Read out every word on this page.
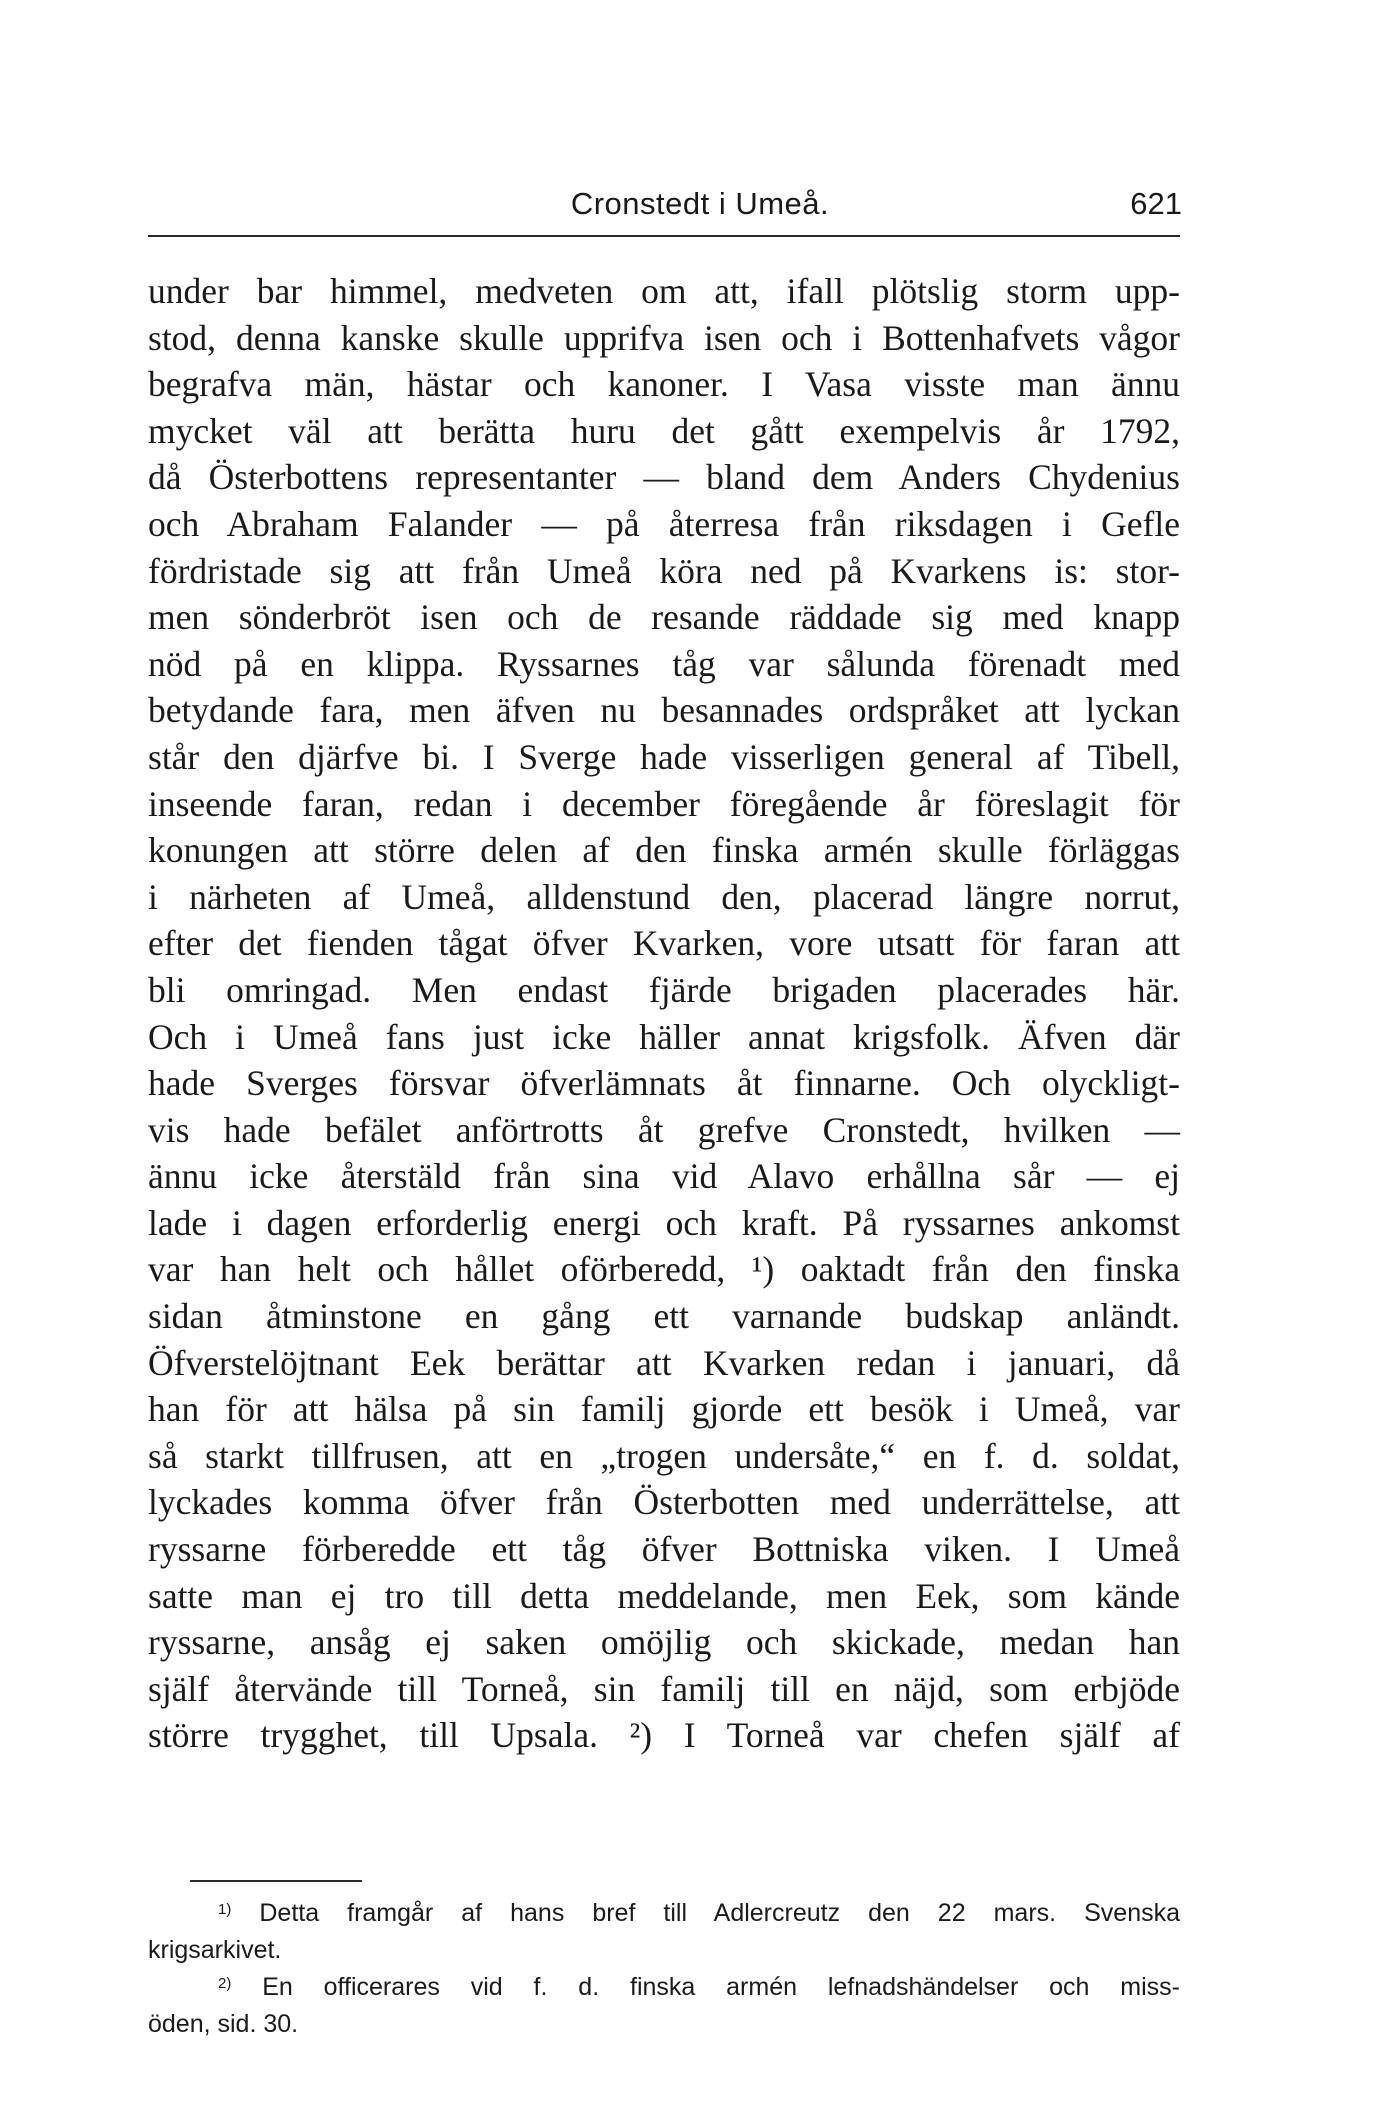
Cronstedt i Umeå.	621
under bar himmel, medveten om att, ifall plötslig storm upp-
stod, denna kanske skulle upprifva isen och i Bottenhafvets vågor
begrafva män, hästar och kanoner. I Vasa visste man ännu
mycket väl att berätta huru det gått exempelvis år 1792,
då Österbottens representanter — bland dem Anders Chydenius
och Abraham Falander — på återresa från riksdagen i Gefle
fördristade sig att från Umeå köra ned på Kvarkens is: stor-
men sönderbröt isen och de resande räddade sig med knapp
nöd på en klippa. Ryssarnes tåg var sålunda förenadt med
betydande fara, men äfven nu besannades ordspråket att lyckan
står den djärfve bi. I Sverge hade visserligen general af Tibell,
inseende faran, redan i december föregående år föreslagit för
konungen att större delen af den finska armén skulle förläggas
i närheten af Umeå, alldenstund den, placerad längre norrut,
efter det fienden tågat öfver Kvarken, vore utsatt för faran att
bli omringad. Men endast fjärde brigaden placerades här.
Och i Umeå fans just icke häller annat krigsfolk. Äfven där
hade Sverges försvar öfverlämnats åt finnarne. Och olyckligt-
vis hade befälet anförtrotts åt grefve Cronstedt, hvilken —
ännu icke återstäld från sina vid Alavo erhållna sår — ej
lade i dagen erforderlig energi och kraft. På ryssarnes ankomst
var han helt och hållet oförberedd, ¹) oaktadt från den finska
sidan åtminstone en gång ett varnande budskap anländt.
Öfverstelöjtnant Eek berättar att Kvarken redan i januari, då
han för att hälsa på sin familj gjorde ett besök i Umeå, var
så starkt tillfrusen, att en „trogen undersåte,“ en f. d. soldat,
lyckades komma öfver från Österbotten med underrättelse, att
ryssarne förberedde ett tåg öfver Bottniska viken. I Umeå
satte man ej tro till detta meddelande, men Eek, som kände
ryssarne, ansåg ej saken omöjlig och skickade, medan han
själf återvände till Torneå, sin familj till en näjd, som erbjöde
större trygghet, till Upsala. ²) I Torneå var chefen själf af
$^{1)}$ Detta framgår af hans bref till Adlercreutz den 22 mars. Svenska
krigsarkivet.
$^{2)}$ En officerares vid f. d. finska armén lefnadshändelser och miss-
öden, sid. 30.
